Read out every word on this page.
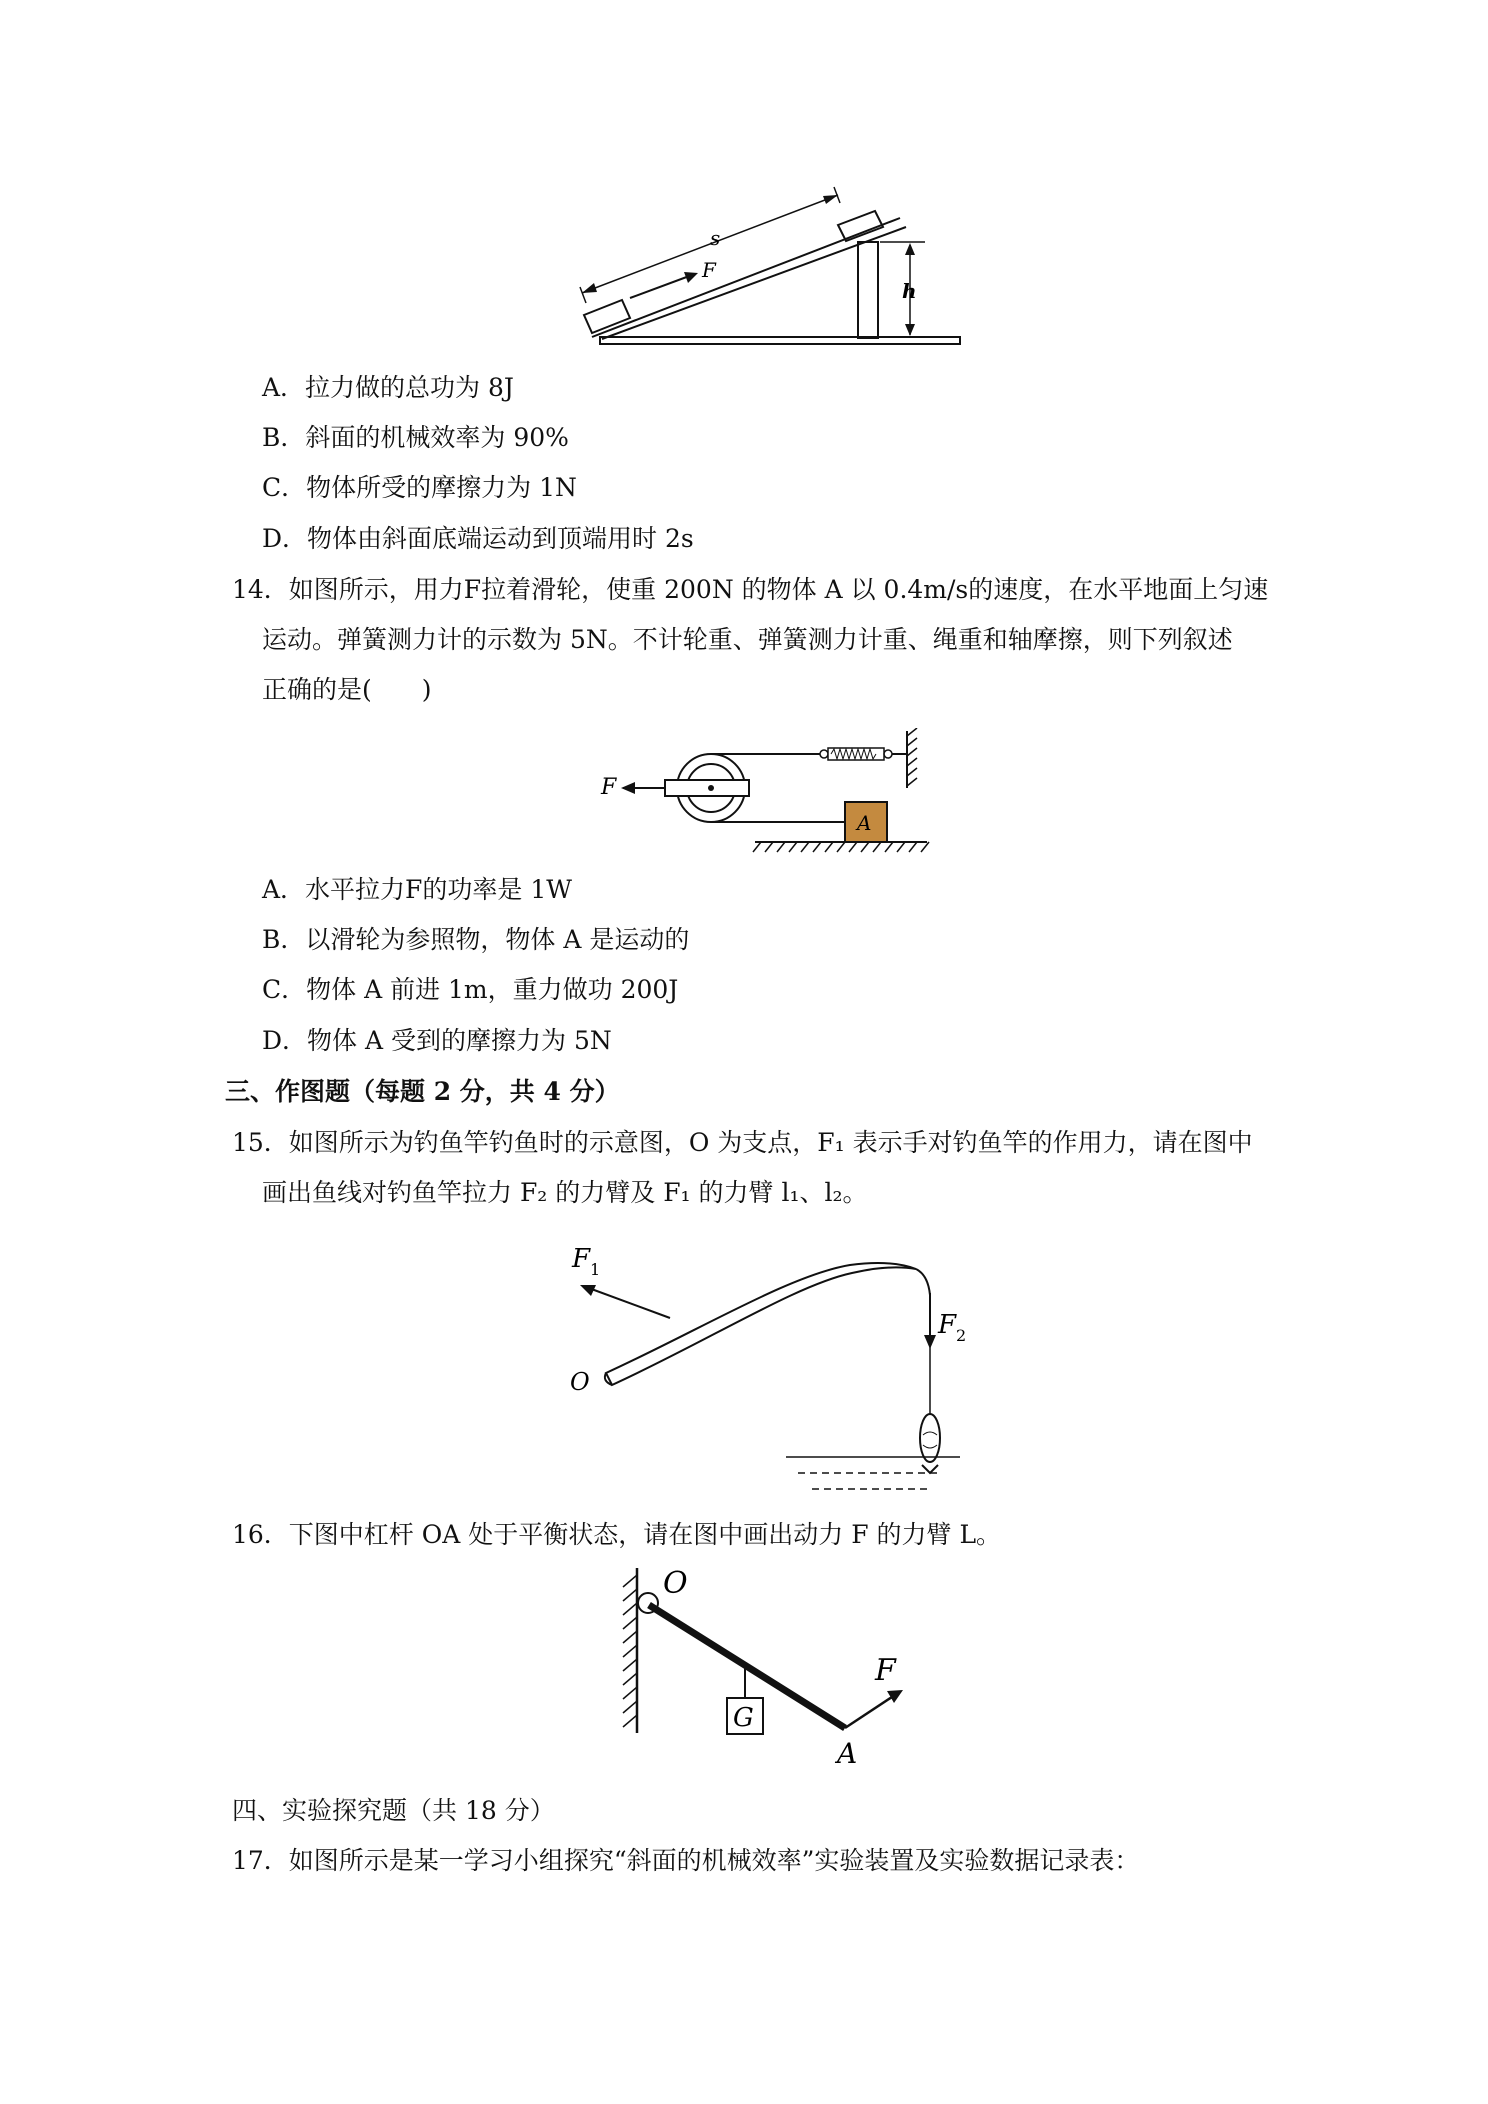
s
F
h
A．拉力做的总功为 8J
B．斜面的机械效率为 90%
C．物体所受的摩擦力为 1N
D．物体由斜面底端运动到顶端用时 2s
14．如图所示，用力F拉着滑轮，使重 200N 的物体 A 以 0.4m/s的速度，在水平地面上匀速
运动。弹簧测力计的示数为 5N。不计轮重、弹簧测力计重、绳重和轴摩擦，则下列叙述
正确的是(　　)
F
A
A．水平拉力F的功率是 1W
B．以滑轮为参照物，物体 A 是运动的
C．物体 A 前进 1m，重力做功 200J
D．物体 A 受到的摩擦力为 5N
三、作图题（每题 2 分，共 4 分）
15．如图所示为钓鱼竿钓鱼时的示意图，O 为支点，F₁ 表示手对钓鱼竿的作用力，请在图中
画出鱼线对钓鱼竿拉力 F₂ 的力臂及 F₁ 的力臂 l₁、l₂。
$F_1$
O
$F_2$
16．下图中杠杆 OA 处于平衡状态，请在图中画出动力 F 的力臂 L。
O
G
F
A
四、实验探究题（共 18 分）
17．如图所示是某一学习小组探究“斜面的机械效率”实验装置及实验数据记录表：
